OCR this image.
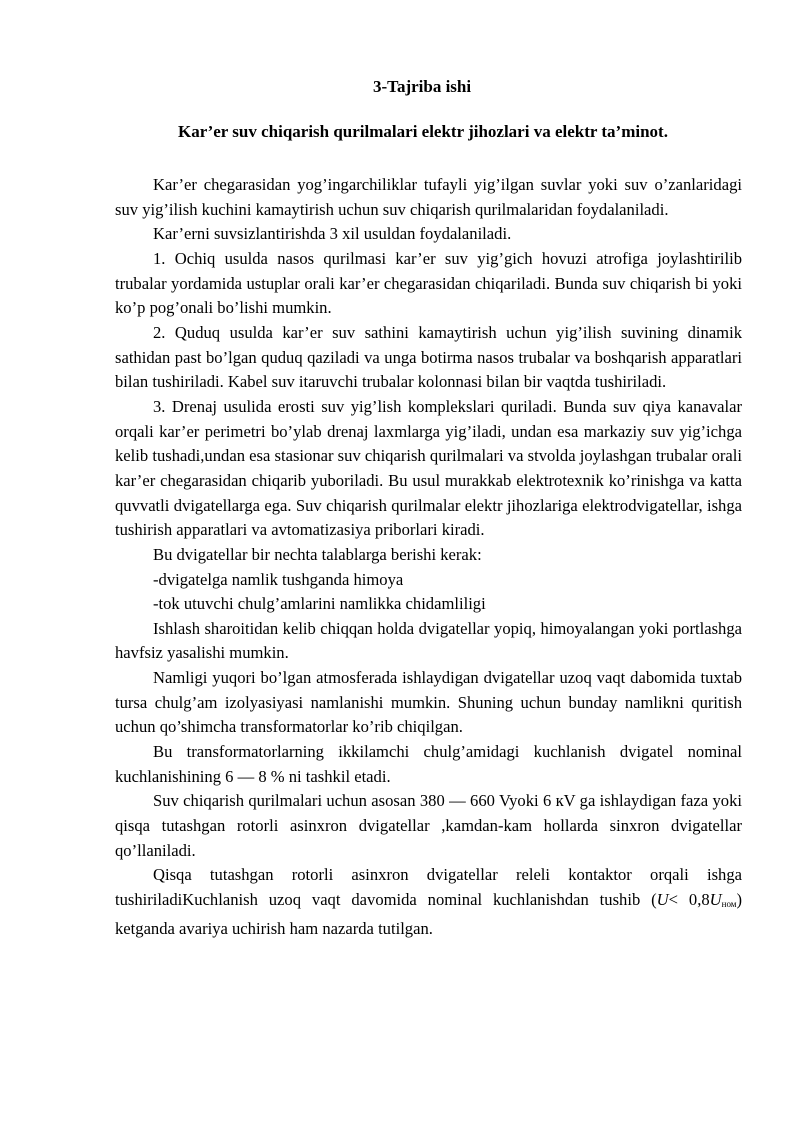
3-Tajriba ishi
Kar’er suv chiqarish qurilmalari elektr jihozlari va elektr ta’minot.

Kar’er chegarasidan yog’ingarchiliklar tufayli yig’ilgan suvlar yoki suv o’zanlaridagi suv yig’ilish kuchini kamaytirish uchun suv chiqarish qurilmalaridan foydalaniladi.

Kar’erni suvsizlantirishda 3 xil usuldan foydalaniladi.

1. Ochiq usulda nasos qurilmasi kar’er suv yig’gich hovuzi atrofiga joylashtirilib trubalar yordamida ustuplar orali kar’er chegarasidan chiqariladi. Bunda suv chiqarish bi yoki ko’p pog’onali bo’lishi mumkin.

2. Quduq usulda kar’er suv sathini kamaytirish uchun yig’ilish suvining dinamik sathidan past bo’lgan quduq qaziladi va unga botirma nasos trubalar va boshqarish apparatlari bilan tushiriladi. Kabel suv itaruvchi trubalar kolonnasi bilan bir vaqtda tushiriladi.

3. Drenaj usulida erosti suv yig’lish komplekslari quriladi. Bunda suv qiya kanavalar orqali kar’er perimetri bo’ylab drenaj laxmlarga yig’iladi, undan esa markaziy suv yig’ichga kelib tushadi,undan esa stasionar suv chiqarish qurilmalari va stvolda joylashgan trubalar orali kar’er chegarasidan chiqarib yuboriladi. Bu usul murakkab elektrotexnik ko’rinishga va katta quvvatli dvigatellarga ega. Suv chiqarish qurilmalar elektr jihozlariga elektrodvigatellar, ishga tushirish apparatlari va avtomatizasiya priborlari kiradi.

Bu dvigatellar bir nechta talablarga berishi kerak:

-dvigatelga namlik tushganda himoya

-tok utuvchi chulg’amlarini namlikka chidamliligi

Ishlash sharoitidan kelib chiqqan holda dvigatellar yopiq, himoyalangan yoki portlashga havfsiz yasalishi mumkin.

Namligi yuqori bo’lgan atmosferada ishlaydigan dvigatellar uzoq vaqt dabomida tuxtab tursa chulg’am izolyasiyasi namlanishi mumkin. Shuning uchun bunday namlikni quritish uchun qo’shimcha transformatorlar ko’rib chiqilgan.

Bu transformatorlarning ikkilamchi chulg’amidagi kuchlanish dvigatel nominal kuchlanishining 6 — 8 % ni tashkil etadi.

Suv chiqarish qurilmalari uchun asosan 380 — 660 Vyoki 6 кV ga ishlaydigan faza yoki qisqa tutashgan rotorli asinxron dvigatellar ,kamdan-kam hollarda sinxron dvigatellar qo’llaniladi.

Qisqa tutashgan rotorli asinxron dvigatellar releli kontaktor orqali ishga tushiriladiKuchlanish uzoq vaqt davomida nominal kuchlanishdan tushib $(U< 0,8U_{ном})$ ketganda avariya uchirish ham nazarda tutilgan.
